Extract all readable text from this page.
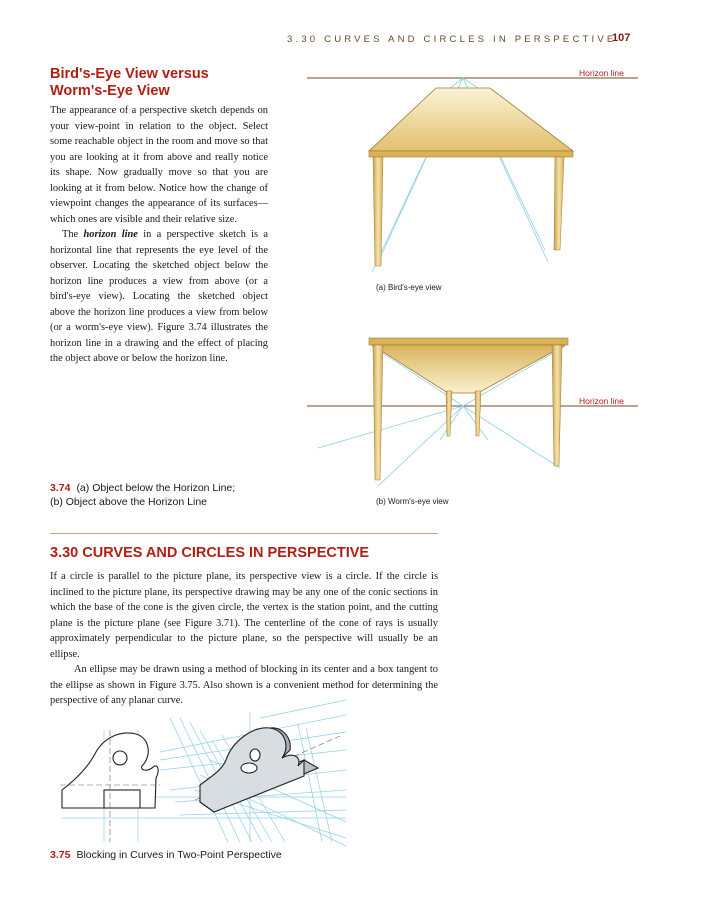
3.30 CURVES AND CIRCLES IN PERSPECTIVE
107
Bird's-Eye View versus
Worm's-Eye View

The appearance of a perspective sketch depends on your view-point in relation to the object. Select some reachable object in the room and move so that you are looking at it from above and really notice its shape. Now gradually move so that you are looking at it from below. Notice how the change of viewpoint changes the appearance of its surfaces—which ones are visible and their relative size.

The horizon line in a perspective sketch is a horizontal line that represents the eye level of the observer. Locating the sketched object below the horizon line produces a view from above (or a bird's-eye view). Locating the sketched object above the horizon line produces a view from below (or a worm's-eye view). Figure 3.74 illustrates the horizon line in a drawing and the effect of placing the object above or below the horizon line.

Horizon line
Horizon line
(a) Bird's-eye view
(b) Worm's-eye view
3.74 (a) Object below the Horizon Line;
(b) Object above the Horizon Line
3.30 CURVES AND CIRCLES IN PERSPECTIVE

If a circle is parallel to the picture plane, its perspective view is a circle. If the circle is inclined to the picture plane, its perspective drawing may be any one of the conic sections in which the base of the cone is the given circle, the vertex is the station point, and the cutting plane is the picture plane (see Figure 3.71). The centerline of the cone of rays is usually approximately perpendicular to the picture plane, so the perspective will usually be an ellipse.

An ellipse may be drawn using a method of blocking in its center and a box tangent to the ellipse as shown in Figure 3.75. Also shown is a convenient method for determining the perspective of any planar curve.

3.75 Blocking in Curves in Two-Point Perspective
